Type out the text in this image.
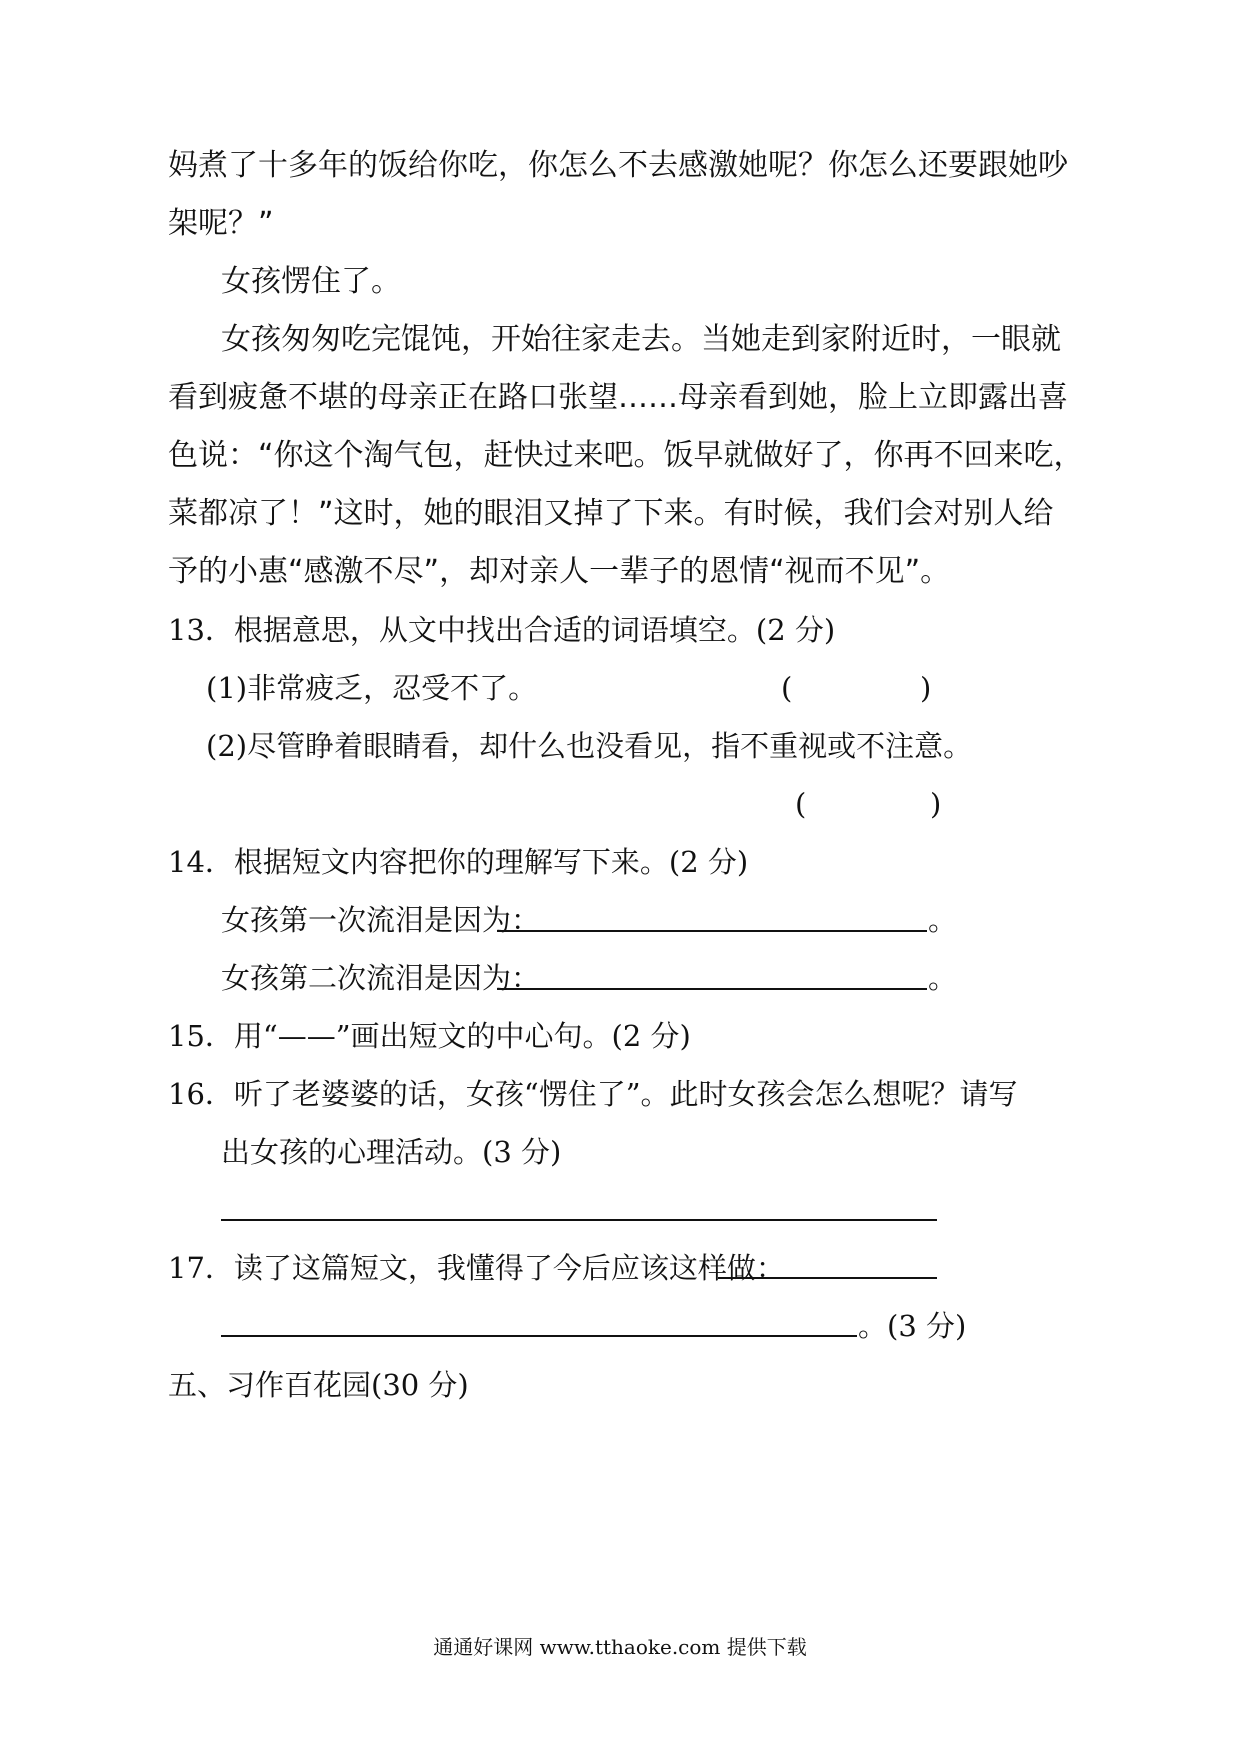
妈煮了十多年的饭给你吃，你怎么不去感激她呢？你怎么还要跟她吵
架呢？”
女孩愣住了。
女孩匆匆吃完馄饨，开始往家走去。当她走到家附近时，一眼就
看到疲惫不堪的母亲正在路口张望……母亲看到她，脸上立即露出喜
色说：“你这个淘气包，赶快过来吧。饭早就做好了，你再不回来吃，
菜都凉了！”这时，她的眼泪又掉了下来。有时候，我们会对别人给
予的小惠“感激不尽”，却对亲人一辈子的恩情“视而不见”。
13．根据意思，从文中找出合适的词语填空。(2 分)
(1)非常疲乏，忍受不了。	(	)
(2)尽管睁着眼睛看，却什么也没看见，指不重视或不注意。
(	)
14．根据短文内容把你的理解写下来。(2 分)
女孩第一次流泪是因为：	。
女孩第二次流泪是因为：	。
15．用“——”画出短文的中心句。(2 分)
16．听了老婆婆的话，女孩“愣住了”。此时女孩会怎么想呢？请写
出女孩的心理活动。(3 分)
17．读了这篇短文，我懂得了今后应该这样做：
。(3 分)
五、习作百花园(30 分)
通通好课网 www.tthaoke.com 提供下载
